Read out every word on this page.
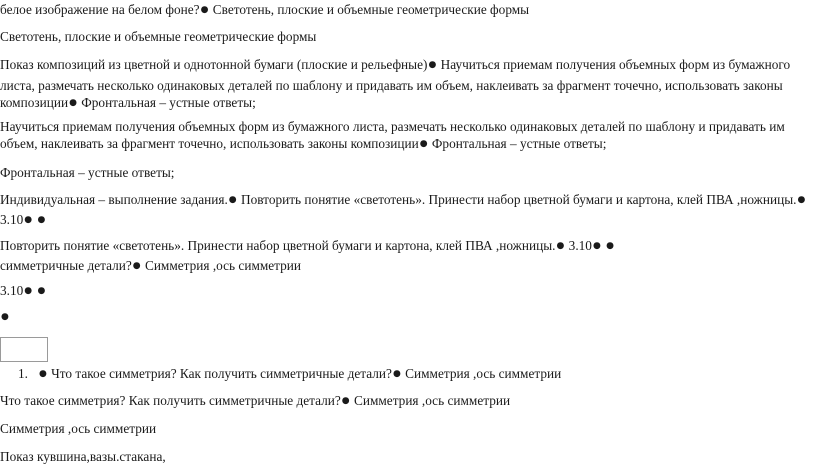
белое изображение на белом фоне?● Светотень, плоские и объемные геометрические формы

Светотень, плоские и объемные геометрические формы

Показ композиций из цветной и однотонной бумаги (плоские и рельефные)● Научиться приемам получения объемных форм из бумажного листа, размечать несколько одинаковых деталей по шаблону и придавать им объем, наклеивать за фрагмент точечно, использовать законы композиции● Фронтальная – устные ответы;

Научиться приемам получения объемных форм из бумажного листа, размечать несколько одинаковых деталей по шаблону и придавать им объем, наклеивать за фрагмент точечно, использовать законы композиции● Фронтальная – устные ответы;

Фронтальная – устные ответы;

Индивидуальная – выполнение задания.● Повторить понятие «светотень». Принести набор цветной бумаги и картона, клей ПВА ,ножницы.● 3.10● ●

Повторить понятие «светотень». Принести набор цветной бумаги и картона, клей ПВА ,ножницы.● 3.10● ●
симметричные детали?● Симметрия ,ось симметрии

3.10● ●

●

1. ● Что такое симметрия? Как получить симметричные детали?● Симметрия ,ось симметрии

Что такое симметрия? Как получить симметричные детали?● Симметрия ,ось симметрии

Симметрия ,ось симметрии

Показ кувшина,вазы.стакана,
